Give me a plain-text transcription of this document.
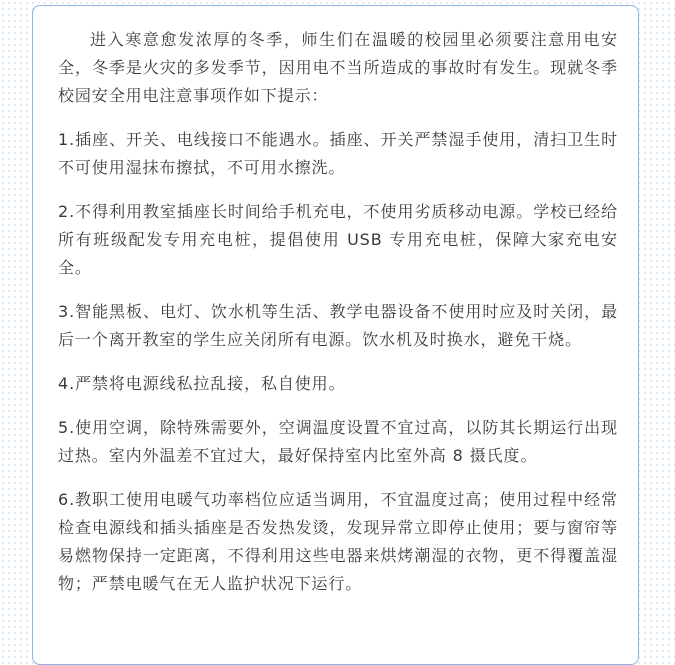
进入寒意愈发浓厚的冬季，师生们在温暖的校园里必须要注意用电安全，冬季是火灾的多发季节，因用电不当所造成的事故时有发生。现就冬季校园安全用电注意事项作如下提示：

1.插座、开关、电线接口不能遇水。插座、开关严禁湿手使用，清扫卫生时不可使用湿抹布擦拭，不可用水擦洗。

2.不得利用教室插座长时间给手机充电，不使用劣质移动电源。学校已经给所有班级配发专用充电桩，提倡使用 USB 专用充电桩，保障大家充电安全。

3.智能黑板、电灯、饮水机等生活、教学电器设备不使用时应及时关闭，最后一个离开教室的学生应关闭所有电源。饮水机及时换水，避免干烧。

4.严禁将电源线私拉乱接，私自使用。

5.使用空调，除特殊需要外，空调温度设置不宜过高，以防其长期运行出现过热。室内外温差不宜过大，最好保持室内比室外高 8 摄氏度。

6.教职工使用电暖气功率档位应适当调用，不宜温度过高；使用过程中经常检查电源线和插头插座是否发热发烫，发现异常立即停止使用；要与窗帘等易燃物保持一定距离，不得利用这些电器来烘烤潮湿的衣物，更不得覆盖湿物；严禁电暖气在无人监护状况下运行。
